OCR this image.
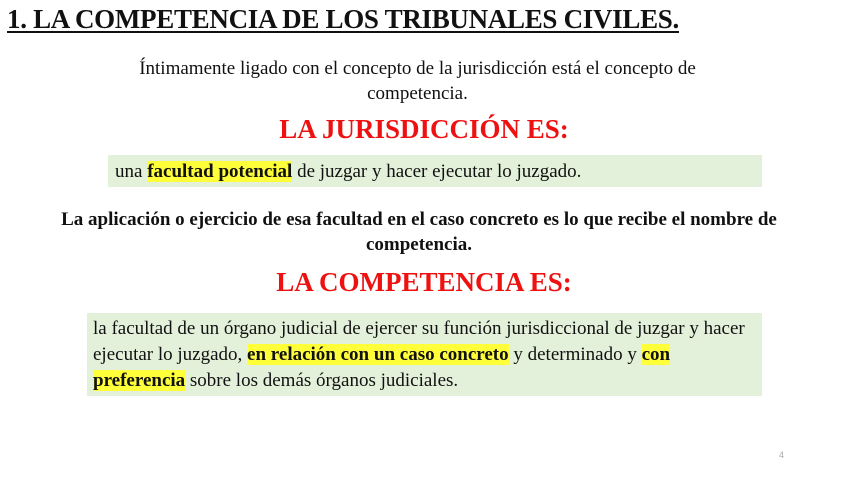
1. LA COMPETENCIA DE LOS TRIBUNALES CIVILES.

Íntimamente ligado con el concepto de la jurisdicción está el concepto de competencia.

LA JURISDICCIÓN ES:
una facultad potencial de juzgar y hacer ejecutar lo juzgado.

La aplicación o ejercicio de esa facultad en el caso concreto es lo que recibe el nombre de competencia.

LA COMPETENCIA ES:
la facultad de un órgano judicial de ejercer su función jurisdiccional de juzgar y hacer ejecutar lo juzgado, en relación con un caso concreto y determinado y con preferencia sobre los demás órganos judiciales.
4
